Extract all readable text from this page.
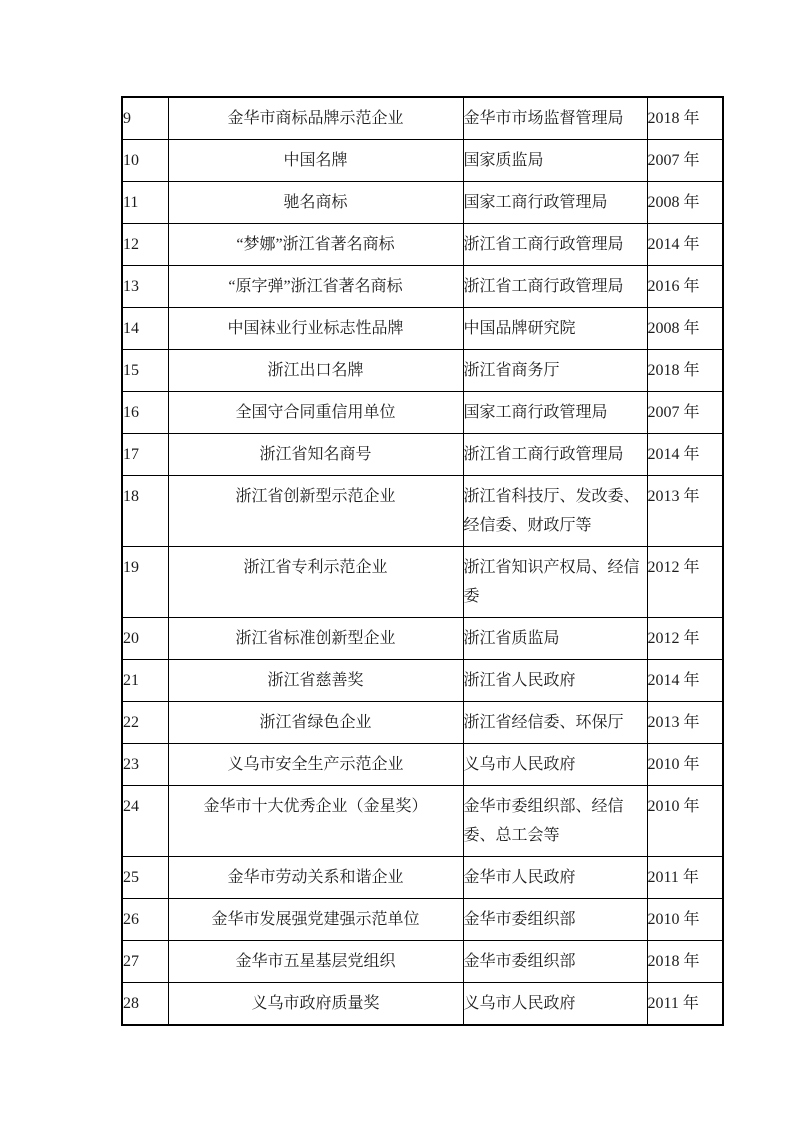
9	金华市商标品牌示范企业	金华市市场监督管理局	2018 年
10	中国名牌	国家质监局	2007 年
11	驰名商标	国家工商行政管理局	2008 年
12	“梦娜”浙江省著名商标	浙江省工商行政管理局	2014 年
13	“原字弹”浙江省著名商标	浙江省工商行政管理局	2016 年
14	中国袜业行业标志性品牌	中国品牌研究院	2008 年
15	浙江出口名牌	浙江省商务厅	2018 年
16	全国守合同重信用单位	国家工商行政管理局	2007 年
17	浙江省知名商号	浙江省工商行政管理局	2014 年
18	浙江省创新型示范企业	浙江省科技厅、发改委、经信委、财政厅等	2013 年
19	浙江省专利示范企业	浙江省知识产权局、经信委	2012 年
20	浙江省标准创新型企业	浙江省质监局	2012 年
21	浙江省慈善奖	浙江省人民政府	2014 年
22	浙江省绿色企业	浙江省经信委、环保厅	2013 年
23	义乌市安全生产示范企业	义乌市人民政府	2010 年
24	金华市十大优秀企业（金星奖）	金华市委组织部、经信委、总工会等	2010 年
25	金华市劳动关系和谐企业	金华市人民政府	2011 年
26	金华市发展强党建强示范单位	金华市委组织部	2010 年
27	金华市五星基层党组织	金华市委组织部	2018 年
28	义乌市政府质量奖	义乌市人民政府	2011 年
